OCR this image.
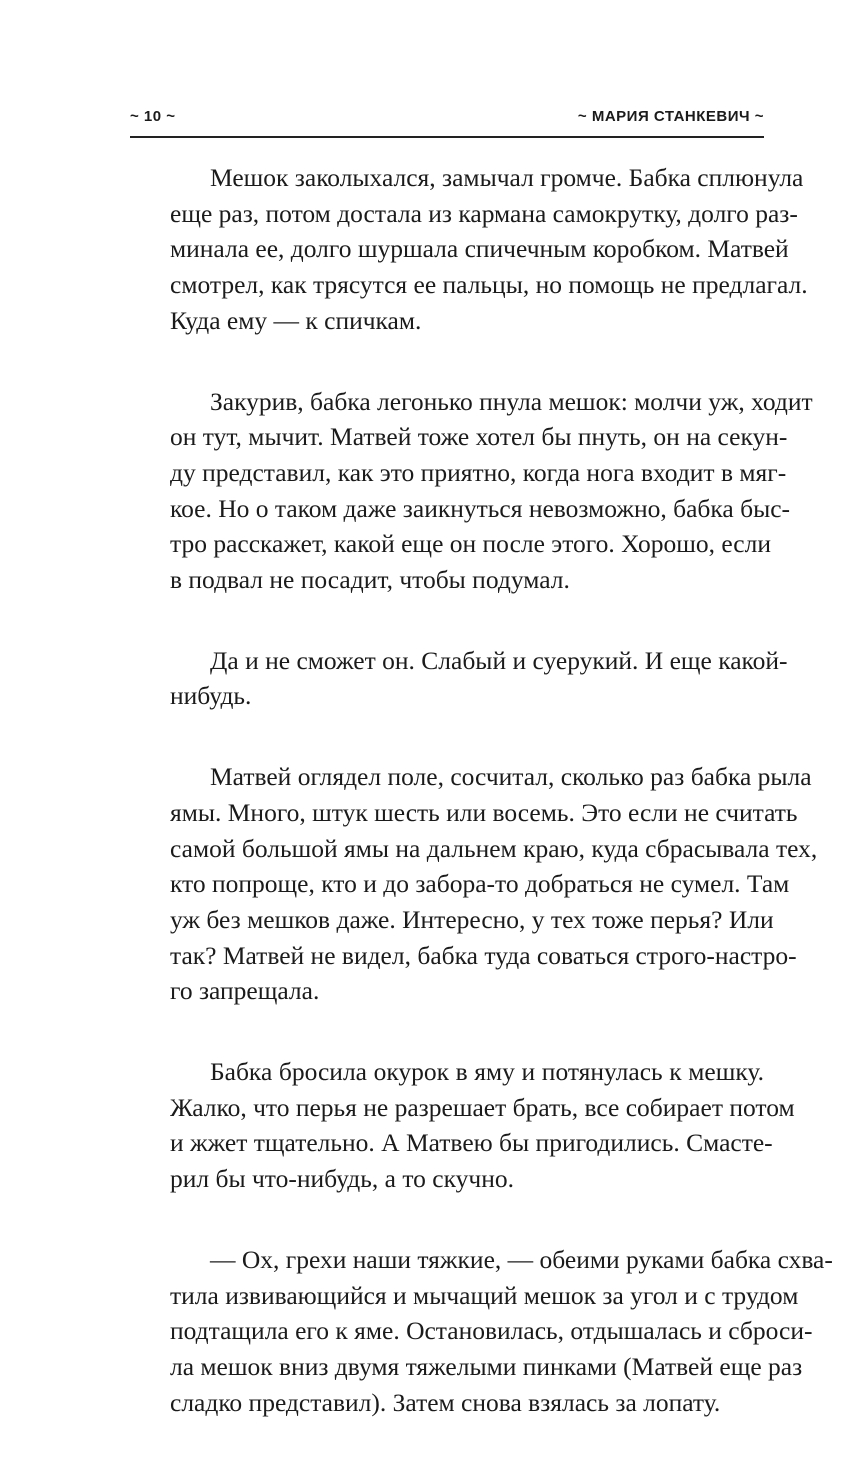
~ 10 ~	~ МАРИЯ СТАНКЕВИЧ ~
Мешок заколыхался, замычал громче. Бабка сплюнула
еще раз, потом достала из кармана самокрутку, долго раз-
минала ее, долго шуршала спичечным коробком. Матвей
смотрел, как трясутся ее пальцы, но помощь не предлагал.
Куда ему — к спичкам.
Закурив, бабка легонько пнула мешок: молчи уж, ходит
он тут, мычит. Матвей тоже хотел бы пнуть, он на секун-
ду представил, как это приятно, когда нога входит в мяг-
кое. Но о таком даже заикнуться невозможно, бабка быс-
тро расскажет, какой еще он после этого. Хорошо, если
в подвал не посадит, чтобы подумал.
Да и не сможет он. Слабый и суерукий. И еще какой-
нибудь.
Матвей оглядел поле, сосчитал, сколько раз бабка рыла
ямы. Много, штук шесть или восемь. Это если не считать
самой большой ямы на дальнем краю, куда сбрасывала тех,
кто попроще, кто и до забора-то добраться не сумел. Там
уж без мешков даже. Интересно, у тех тоже перья? Или
так? Матвей не видел, бабка туда соваться строго-настро-
го запрещала.
Бабка бросила окурок в яму и потянулась к мешку.
Жалко, что перья не разрешает брать, все собирает потом
и жжет тщательно. А Матвею бы пригодились. Смасте-
рил бы что-нибудь, а то скучно.
— Ох, грехи наши тяжкие, — обеими руками бабка схва-
тила извивающийся и мычащий мешок за угол и с трудом
подтащила его к яме. Остановилась, отдышалась и сброси-
ла мешок вниз двумя тяжелыми пинками (Матвей еще раз
сладко представил). Затем снова взялась за лопату.
